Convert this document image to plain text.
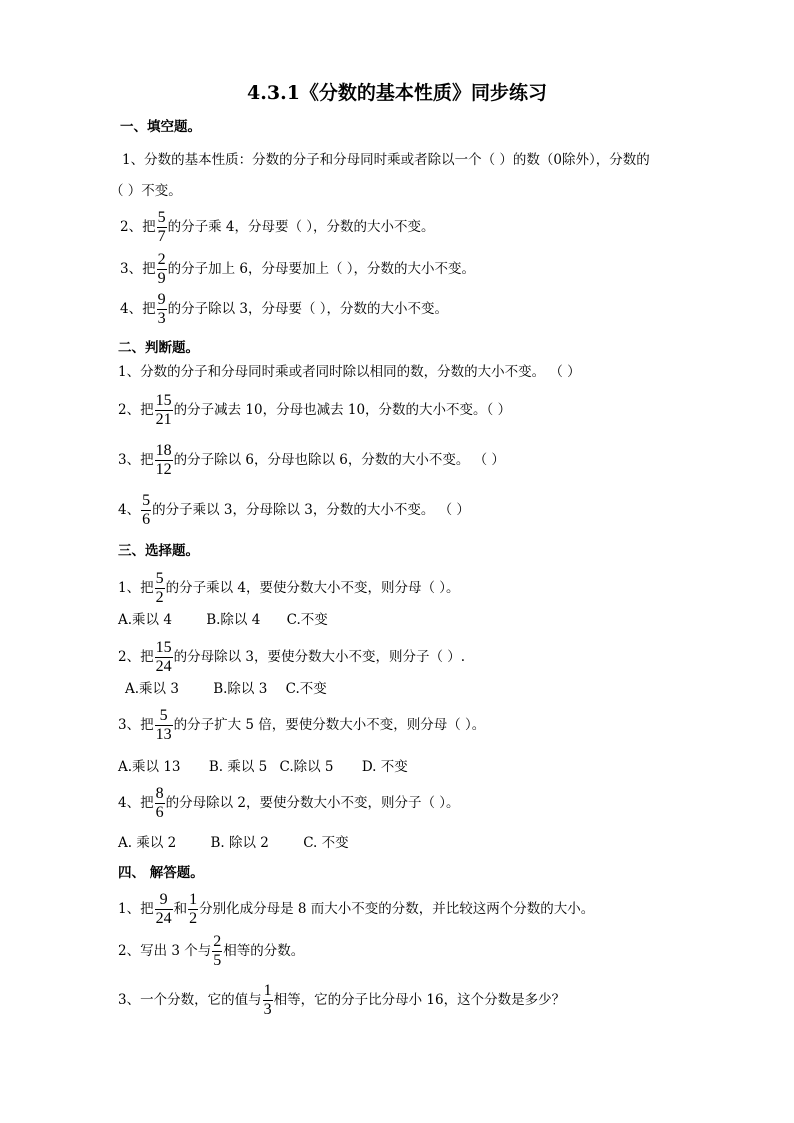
4.3.1《分数的基本性质》同步练习
一、填空题。
1、分数的基本性质：分数的分子和分母同时乘或者除以一个（ ）的数（0除外），分数的
（ ）不变。
2、把 $\frac{5}{7}$ 的分子乘 4，分母要（ ），分数的大小不变。
3、把 $\frac{2}{9}$ 的分子加上 6，分母要加上（ ），分数的大小不变。
4、把 $\frac{9}{3}$ 的分子除以 3，分母要（ ），分数的大小不变。
二、判断题。
1、分数的分子和分母同时乘或者同时除以相同的数，分数的大小不变。 （ ）
2、把 $\frac{15}{21}$ 的分子减去 10，分母也减去 10，分数的大小不变。（ ）
3、把 $\frac{18}{12}$ 的分子除以 6，分母也除以 6，分数的大小不变。 （ ）
4、 $\frac{5}{6}$ 的分子乘以 3，分母除以 3，分数的大小不变。 （ ）
三、选择题。
1、把 $\frac{5}{2}$ 的分子乘以 4，要使分数大小不变，则分母（ ）。
A.乘以 4	B.除以 4 C.不变
2、把 $\frac{15}{24}$ 的分母除以 3，要使分数大小不变，则分子（ ）.
A.乘以 3	B.除以 3 C.不变
3、把 $\frac{5}{13}$ 的分子扩大 5 倍，要使分数大小不变，则分母（ ）。
A.乘以 13 B. 乘以 5 C.除以 5 D. 不变
4、把 $\frac{8}{6}$ 的分母除以 2，要使分数大小不变，则分子（ ）。
A. 乘以 2	B. 除以 2	C. 不变
四、 解答题。
1、把 $\frac{9}{24}$ 和 $\frac{1}{2}$ 分别化成分母是 8 而大小不变的分数，并比较这两个分数的大小。
2、写出 3 个与 $\frac{2}{5}$ 相等的分数。
3、一个分数，它的值与 $\frac{1}{3}$ 相等，它的分子比分母小 16，这个分数是多少？
